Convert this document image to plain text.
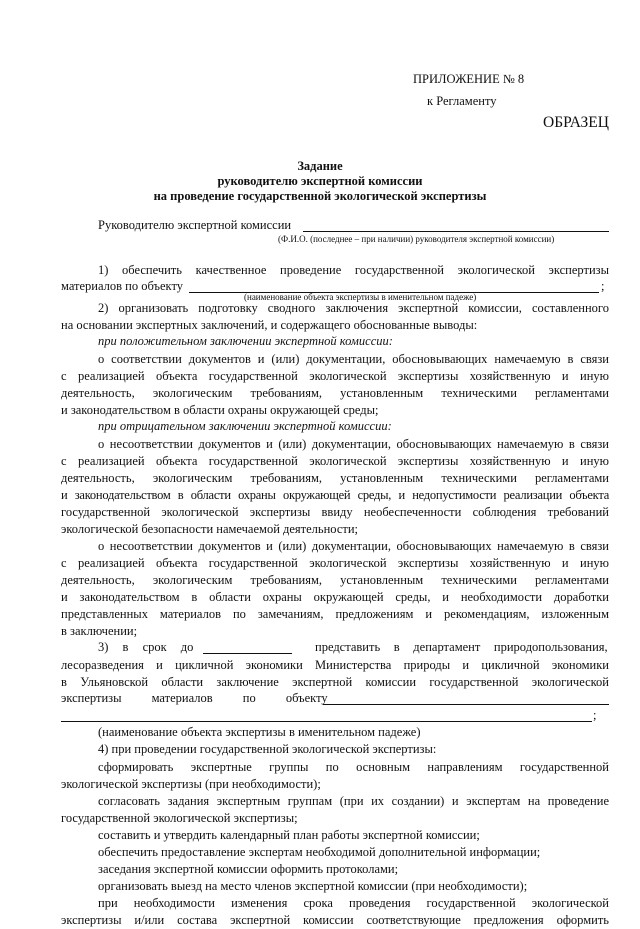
ПРИЛОЖЕНИЕ № 8
к Регламенту
ОБРАЗЕЦ
Задание
руководителю экспертной комиссии
на проведение государственной экологической экспертизы
Руководителю экспертной комиссии
(Ф.И.О. (последнее – при наличии) руководителя экспертной комиссии)
1) обеспечить качественное проведение государственной экологической экспертизы
материалов по объекту	;
(наименование объекта экспертизы в именительном падеже)
2) организовать подготовку сводного заключения экспертной комиссии, составленного
на основании экспертных заключений, и содержащего обоснованные выводы:
при положительном заключении экспертной комиссии:
о соответствии документов и (или) документации, обосновывающих намечаемую в связи
с реализацией объекта государственной экологической экспертизы хозяйственную и иную
деятельность, экологическим требованиям, установленным техническими регламентами
и законодательством в области охраны окружающей среды;
при отрицательном заключении экспертной комиссии:
о несоответствии документов и (или) документации, обосновывающих намечаемую в связи
с реализацией объекта государственной экологической экспертизы хозяйственную и иную
деятельность, экологическим требованиям, установленным техническими регламентами
и законодательством в области охраны окружающей среды, и недопустимости реализации объекта
государственной экологической экспертизы ввиду необеспеченности соблюдения требований
экологической безопасности намечаемой деятельности;
о несоответствии документов и (или) документации, обосновывающих намечаемую в связи
с реализацией объекта государственной экологической экспертизы хозяйственную и иную
деятельность, экологическим требованиям, установленным техническими регламентами
и законодательством в области охраны окружающей среды, и необходимости доработки
представленных материалов по замечаниям, предложениям и рекомендациям, изложенным
в заключении;
3) в срок до	представить в департамент природопользования,
лесоразведения и цикличной экономики Министерства природы и цикличной экономики
в Ульяновской области заключение экспертной комиссии государственной экологической
экспертизы материалов по объекту
;
(наименование объекта экспертизы в именительном падеже)
4) при проведении государственной экологической экспертизы:
сформировать экспертные группы по основным направлениям государственной
экологической экспертизы (при необходимости);
согласовать задания экспертным группам (при их создании) и экспертам на проведение
государственной экологической экспертизы;
составить и утвердить календарный план работы экспертной комиссии;
обеспечить предоставление экспертам необходимой дополнительной информации;
заседания экспертной комиссии оформить протоколами;
организовать выезд на место членов экспертной комиссии (при необходимости);
при необходимости изменения срока проведения государственной экологической
экспертизы и/или состава экспертной комиссии соответствующие предложения оформить
